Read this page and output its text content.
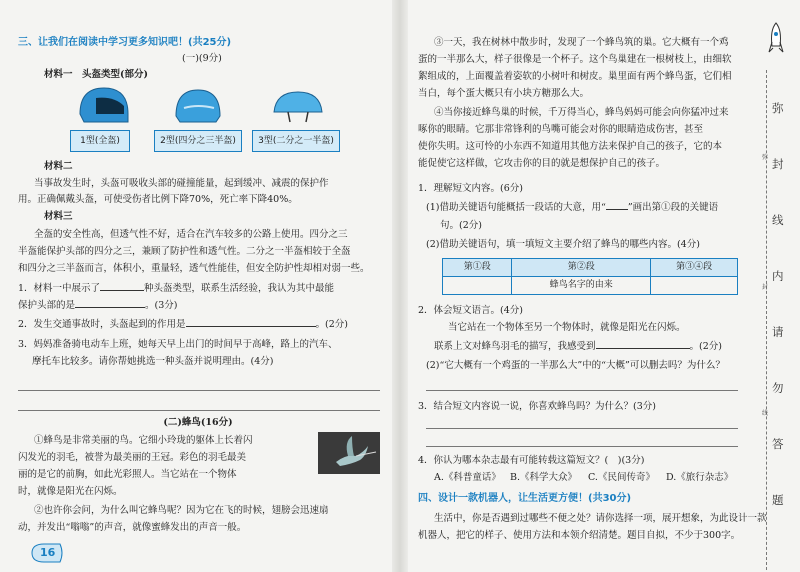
三、让我们在阅读中学习更多知识吧！(共25分)
(一)(9分)
材料一　头盔类型(部分)
1型(全盔)	2型(四分之三半盔)	3型(二分之一半盔)
材料二
当事故发生时，头盔可吸收头部的碰撞能量，起到缓冲、减震的保护作
用。正确佩戴头盔，可使受伤者比例下降70%，死亡率下降40%。
材料三
全盔的安全性高，但透气性不好，适合在汽车较多的公路上使用。四分之三
半盔能保护头部的四分之三，兼顾了防护性和透气性。二分之一半盔相较于全盔
和四分之三半盔而言，体积小，重量轻，透气性能佳，但安全防护性却相对弱一些。
1．材料一中展示了	种头盔类型，联系生活经验，我认为其中最能
保护头部的是	。(3分)
2．发生交通事故时，头盔起到的作用是	。(2分)
3．妈妈准备骑电动车上班，她每天早上出门的时间早于高峰，路上的汽车、
摩托车比较多。请你帮她挑选一种头盔并说明理由。(4分)
(二)蜂鸟(16分)
①蜂鸟是非常美丽的鸟。它细小玲珑的躯体上长着闪
闪发光的羽毛，被誉为最美丽的王冠。彩色的羽毛最美
丽的是它的前胸，如此光彩照人。当它站在一个物体
时，就像是阳光在闪烁。
②也许你会问，为什么叫它蜂鸟呢？因为它在飞的时候，翅膀会迅速扇
动，并发出“嗡嗡”的声音，就像蜜蜂发出的声音一般。
16
③一天，我在树林中散步时，发现了一个蜂鸟筑的巢。它大概有一个鸡
蛋的一半那么大，样子很像是一个杯子。这个鸟巢建在一根树枝上，由细软
絮组成的，上面覆盖着姿软的小树叶和树皮。巢里面有两个蜂鸟蛋，它们相
当白，每个蛋大概只有小块方糖那么大。
④当你接近蜂鸟巢的时候，千万得当心，蜂鸟妈妈可能会向你猛冲过来
啄你的眼睛。它那非常锋利的鸟嘴可能会对你的眼睛造成伤害，甚至
使你失明。这可怜的小东西不知道用其他方法来保护自己的孩子，它的本
能促使它这样做，它攻击你的目的就是想保护自己的孩子。
1．理解短文内容。(6分)
(1)借助关键语句能概括一段话的大意，用“ ”画出第①段的关键语
句。(2分)
(2)借助关键语句，填一填短文主要介绍了蜂鸟的哪些内容。(4分)
第①段	第②段	第③④段
	蜂鸟名字的由来	
2．体会短文语言。(4分)
当它站在一个物体至另一个物体时，就像是阳光在闪烁。
联系上文对蜂鸟羽毛的描写，我感受到	。(2分)
(2)“它大概有一个鸡蛋的一半那么大”中的“大概”可以删去吗？为什么？
3．结合短文内容说一说，你喜欢蜂鸟吗？为什么？(3分)
4．你认为哪本杂志最有可能转载这篇短文？(　)(3分)
A.《科普童话》 B.《科学大众》 C.《民间传奇》 D.《旅行杂志》
四、设计一款机器人，让生活更方便！(共30分)
生活中，你是否遇到过哪些不便之处？请你选择一项，展开想象，为此设计一款
机器人，把它的样子、使用方法和本领介绍清楚。题目自拟，不少于300字。
弥
封
线
内
请
勿
答
题
弥
封
线
